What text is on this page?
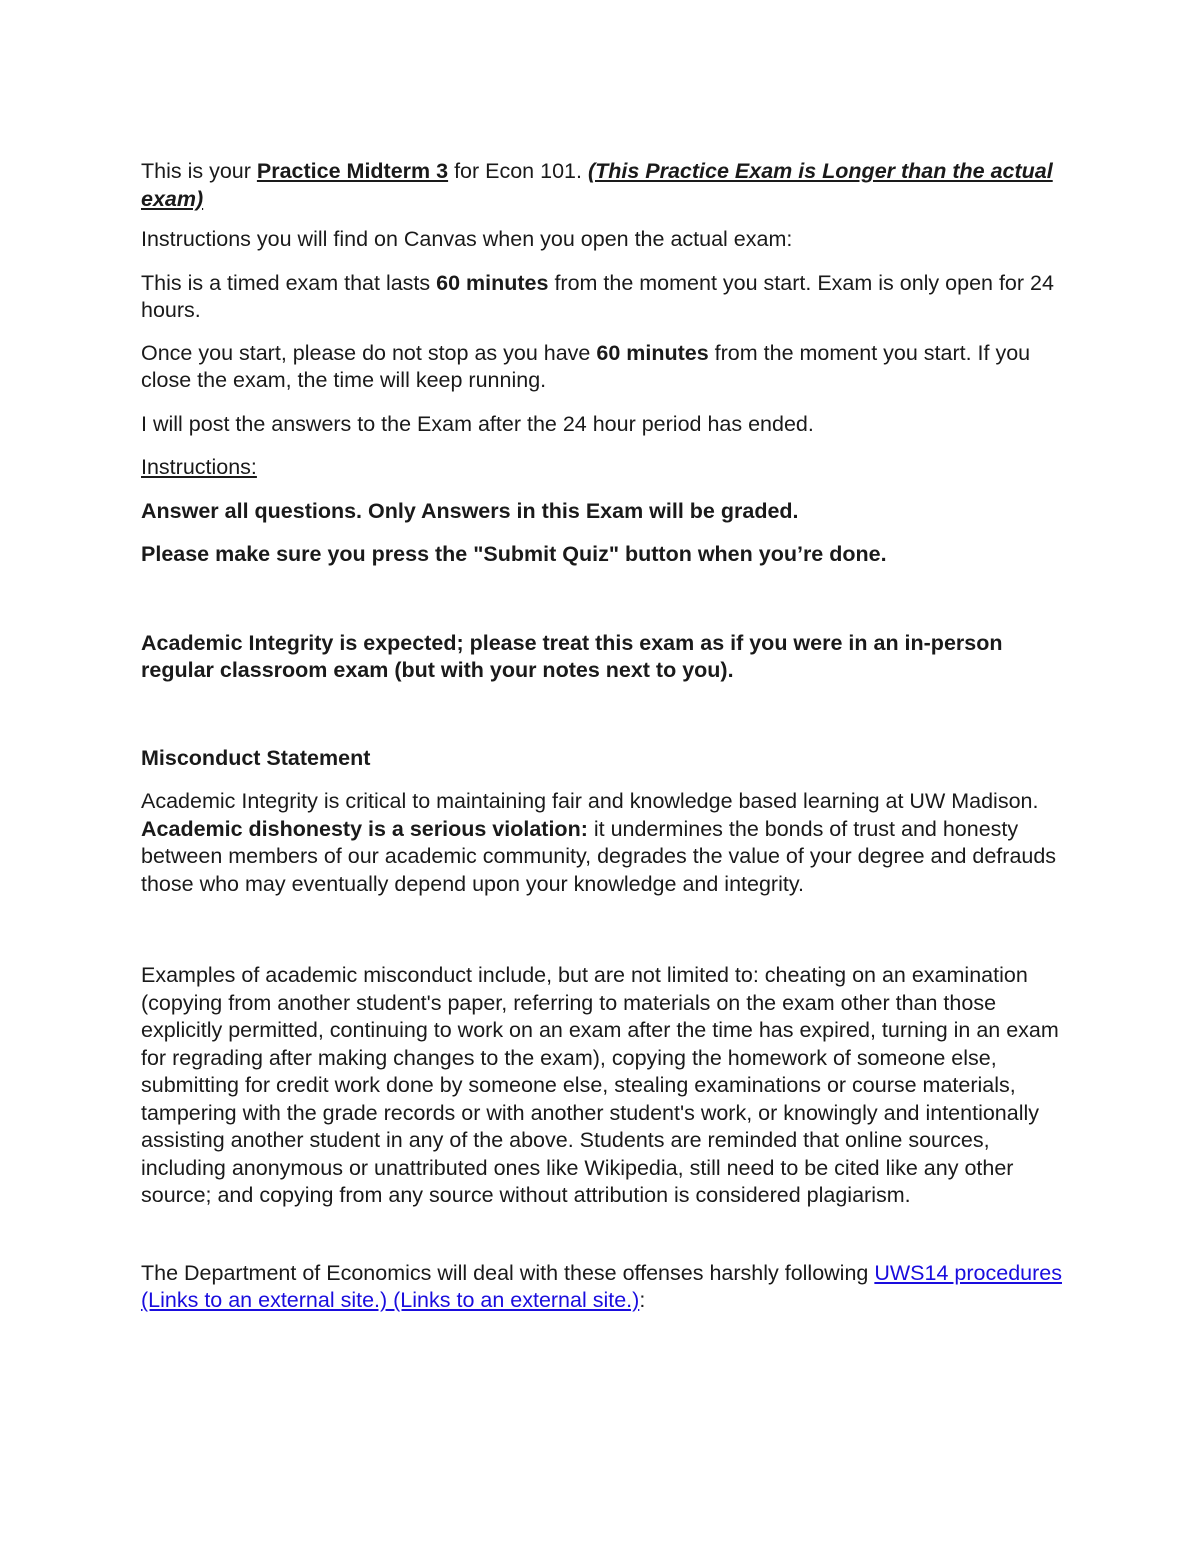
This is your Practice Midterm 3 for Econ 101. (This Practice Exam is Longer than the actual exam)

Instructions you will find on Canvas when you open the actual exam:

This is a timed exam that lasts 60 minutes from the moment you start. Exam is only open for 24 hours.

Once you start, please do not stop as you have 60 minutes from the moment you start. If you close the exam, the time will keep running.

I will post the answers to the Exam after the 24 hour period has ended.

Instructions:

Answer all questions. Only Answers in this Exam will be graded.

Please make sure you press the "Submit Quiz" button when you’re done.

Academic Integrity is expected; please treat this exam as if you were in an in-person regular classroom exam (but with your notes next to you).

Misconduct Statement

Academic Integrity is critical to maintaining fair and knowledge based learning at UW Madison. Academic dishonesty is a serious violation: it undermines the bonds of trust and honesty between members of our academic community, degrades the value of your degree and defrauds those who may eventually depend upon your knowledge and integrity.

Examples of academic misconduct include, but are not limited to: cheating on an examination (copying from another student's paper, referring to materials on the exam other than those explicitly permitted, continuing to work on an exam after the time has expired, turning in an exam for regrading after making changes to the exam), copying the homework of someone else, submitting for credit work done by someone else, stealing examinations or course materials, tampering with the grade records or with another student's work, or knowingly and intentionally assisting another student in any of the above. Students are reminded that online sources, including anonymous or unattributed ones like Wikipedia, still need to be cited like any other source; and copying from any source without attribution is considered plagiarism.

The Department of Economics will deal with these offenses harshly following UWS14 procedures (Links to an external site.) (Links to an external site.):
